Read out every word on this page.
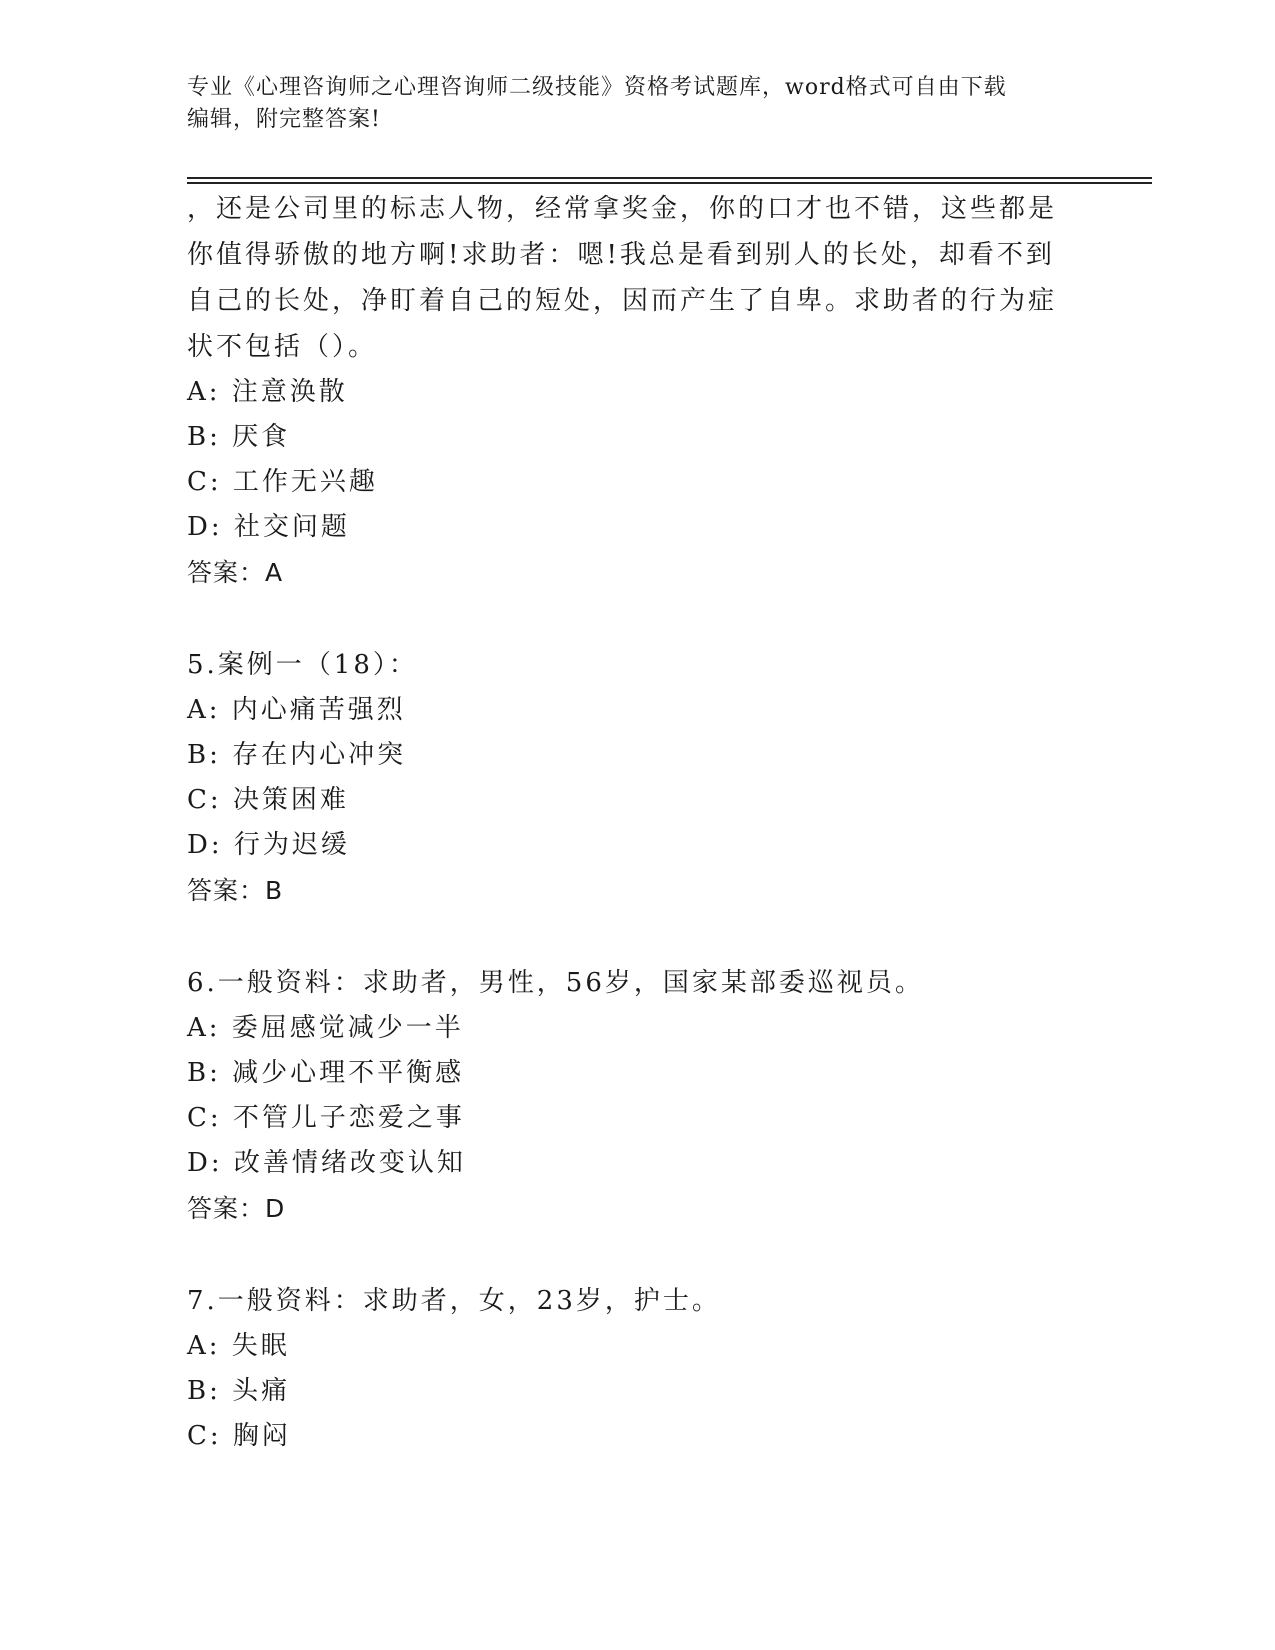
专业《心理咨询师之心理咨询师二级技能》资格考试题库，word格式可自由下载
编辑，附完整答案!

，还是公司里的标志人物，经常拿奖金，你的口才也不错，这些都是你值得骄傲的地方啊!求助者：嗯!我总是看到别人的长处，却看不到自己的长处，净盯着自己的短处，因而产生了自卑。求助者的行为症状不包括（）。

A: 注意涣散

B: 厌食

C: 工作无兴趣

D: 社交问题

答案：A

5.案例一（18）：

A: 内心痛苦强烈

B: 存在内心冲突

C: 决策困难

D: 行为迟缓

答案：B

6.一般资料：求助者，男性，56岁，国家某部委巡视员。

A: 委屈感觉减少一半

B: 减少心理不平衡感

C: 不管儿子恋爱之事

D: 改善情绪改变认知

答案：D

7.一般资料：求助者，女，23岁，护士。

A: 失眠

B: 头痛

C: 胸闷
